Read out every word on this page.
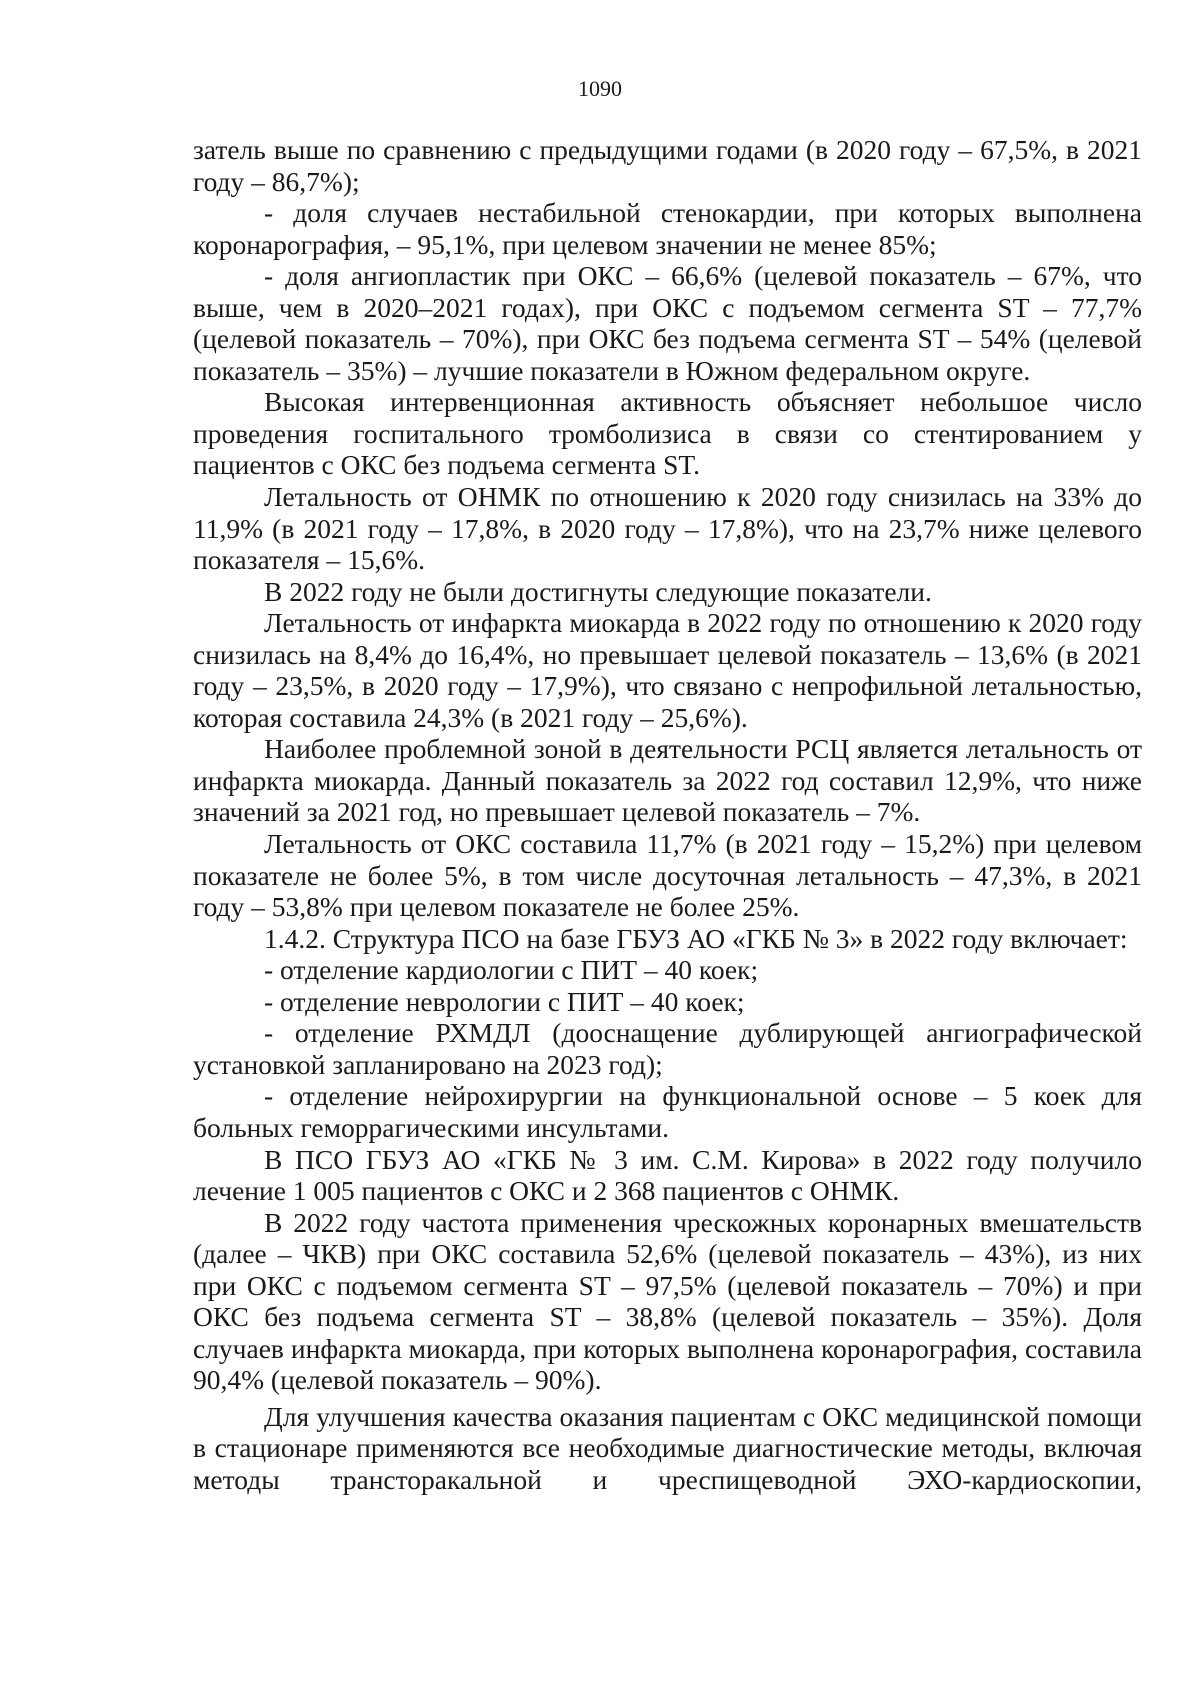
1090

затель выше по сравнению с предыдущими годами (в 2020 году – 67,5%, в 2021 году – 86,7%);

- доля случаев нестабильной стенокардии, при которых выполнена коронарография, – 95,1%, при целевом значении не менее 85%;

- доля ангиопластик при ОКС – 66,6% (целевой показатель – 67%, что выше, чем в 2020–2021 годах), при ОКС с подъемом сегмента ST – 77,7% (целевой показатель – 70%), при ОКС без подъема сегмента ST – 54% (целевой показатель – 35%) – лучшие показатели в Южном федеральном округе.

Высокая интервенционная активность объясняет небольшое число проведения госпитального тромболизиса в связи со стентированием у пациентов с ОКС без подъема сегмента ST.

Летальность от ОНМК по отношению к 2020 году снизилась на 33% до 11,9% (в 2021 году – 17,8%, в 2020 году – 17,8%), что на 23,7% ниже целевого показателя – 15,6%.

В 2022 году не были достигнуты следующие показатели.

Летальность от инфаркта миокарда в 2022 году по отношению к 2020 году снизилась на 8,4% до 16,4%, но превышает целевой показатель – 13,6% (в 2021 году – 23,5%, в 2020 году – 17,9%), что связано с непрофильной летальностью, которая составила 24,3% (в 2021 году – 25,6%).

Наиболее проблемной зоной в деятельности РСЦ является летальность от инфаркта миокарда. Данный показатель за 2022 год составил 12,9%, что ниже значений за 2021 год, но превышает целевой показатель – 7%.

Летальность от ОКС составила 11,7% (в 2021 году – 15,2%) при целевом показателе не более 5%, в том числе досуточная летальность – 47,3%, в 2021 году – 53,8% при целевом показателе не более 25%.

1.4.2. Структура ПСО на базе ГБУЗ АО «ГКБ № 3» в 2022 году включает:

- отделение кардиологии с ПИТ – 40 коек;

- отделение неврологии с ПИТ – 40 коек;

- отделение РХМДЛ (дооснащение дублирующей ангиографической установкой запланировано на 2023 год);

- отделение нейрохирургии на функциональной основе – 5 коек для больных геморрагическими инсультами.

В ПСО ГБУЗ АО «ГКБ № 3 им. С.М. Кирова» в 2022 году получило лечение 1 005 пациентов с ОКС и 2 368 пациентов с ОНМК.

В 2022 году частота применения чрескожных коронарных вмешательств (далее – ЧКВ) при ОКС составила 52,6% (целевой показатель – 43%), из них при ОКС с подъемом сегмента ST – 97,5% (целевой показатель – 70%) и при ОКС без подъема сегмента ST – 38,8% (целевой показатель – 35%). Доля случаев инфаркта миокарда, при которых выполнена коронарография, составила 90,4% (целевой показатель – 90%).

Для улучшения качества оказания пациентам с ОКС медицинской помощи в стационаре применяются все необходимые диагностические методы, включая методы трансторакальной и чреспищеводной ЭХО-кардиоскопии,
